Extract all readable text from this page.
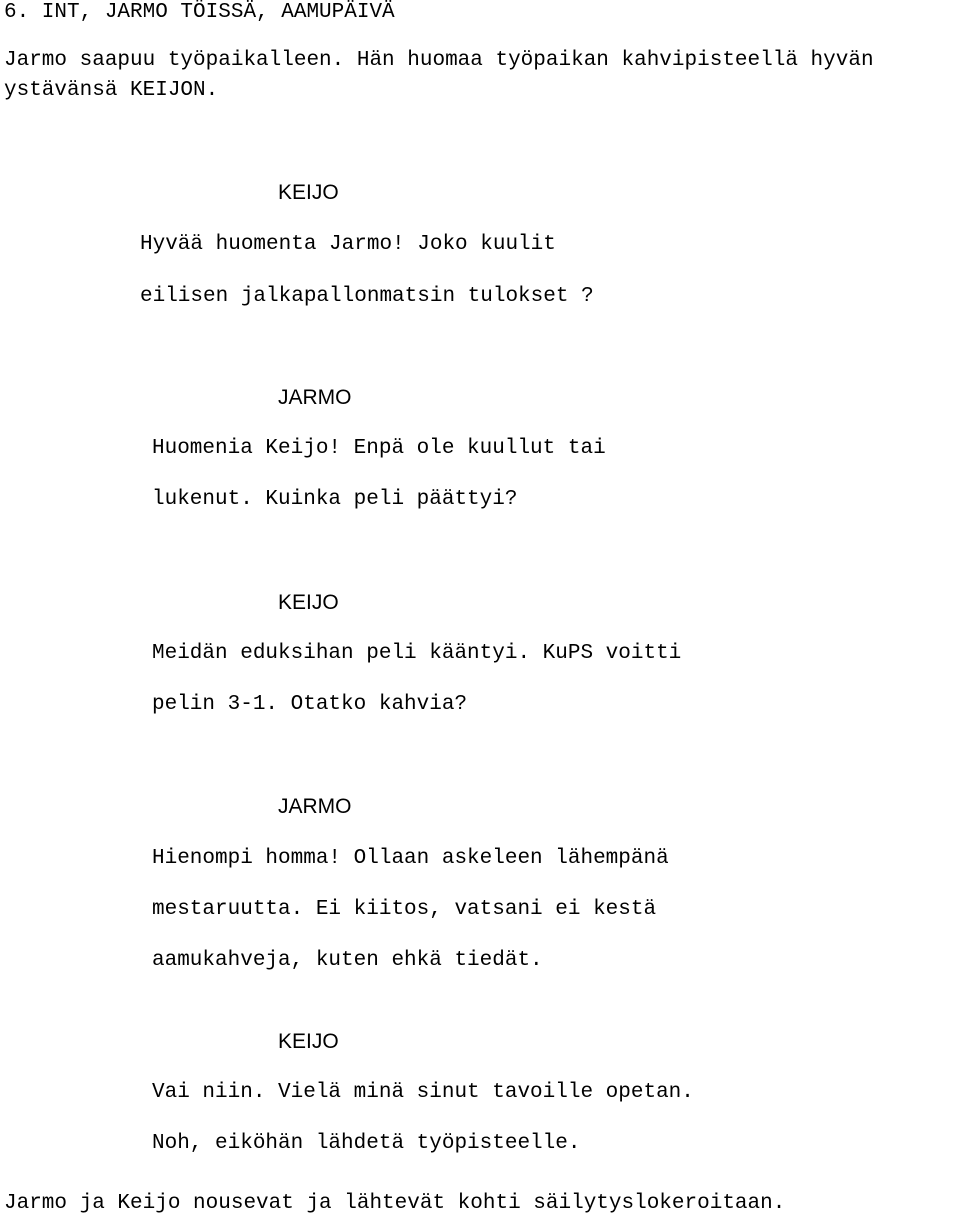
6. INT, JARMO TÖISSÄ, AAMUPÄIVÄ
Jarmo saapuu työpaikalleen. Hän huomaa työpaikan kahvipisteellä hyvän
ystävänsä KEIJON.
KEIJO
Hyvää huomenta Jarmo! Joko kuulit
eilisen jalkapallonmatsin tulokset ?
JARMO
Huomenia Keijo! Enpä ole kuullut tai
lukenut. Kuinka peli päättyi?
KEIJO
Meidän eduksihan peli kääntyi. KuPS voitti
pelin 3-1. Otatko kahvia?
JARMO
Hienompi homma! Ollaan askeleen lähempänä
mestaruutta. Ei kiitos, vatsani ei kestä
aamukahveja, kuten ehkä tiedät.
KEIJO
Vai niin. Vielä minä sinut tavoille opetan.
Noh, eiköhän lähdetä työpisteelle.
Jarmo ja Keijo nousevat ja lähtevät kohti säilytyslokeroitaan.
